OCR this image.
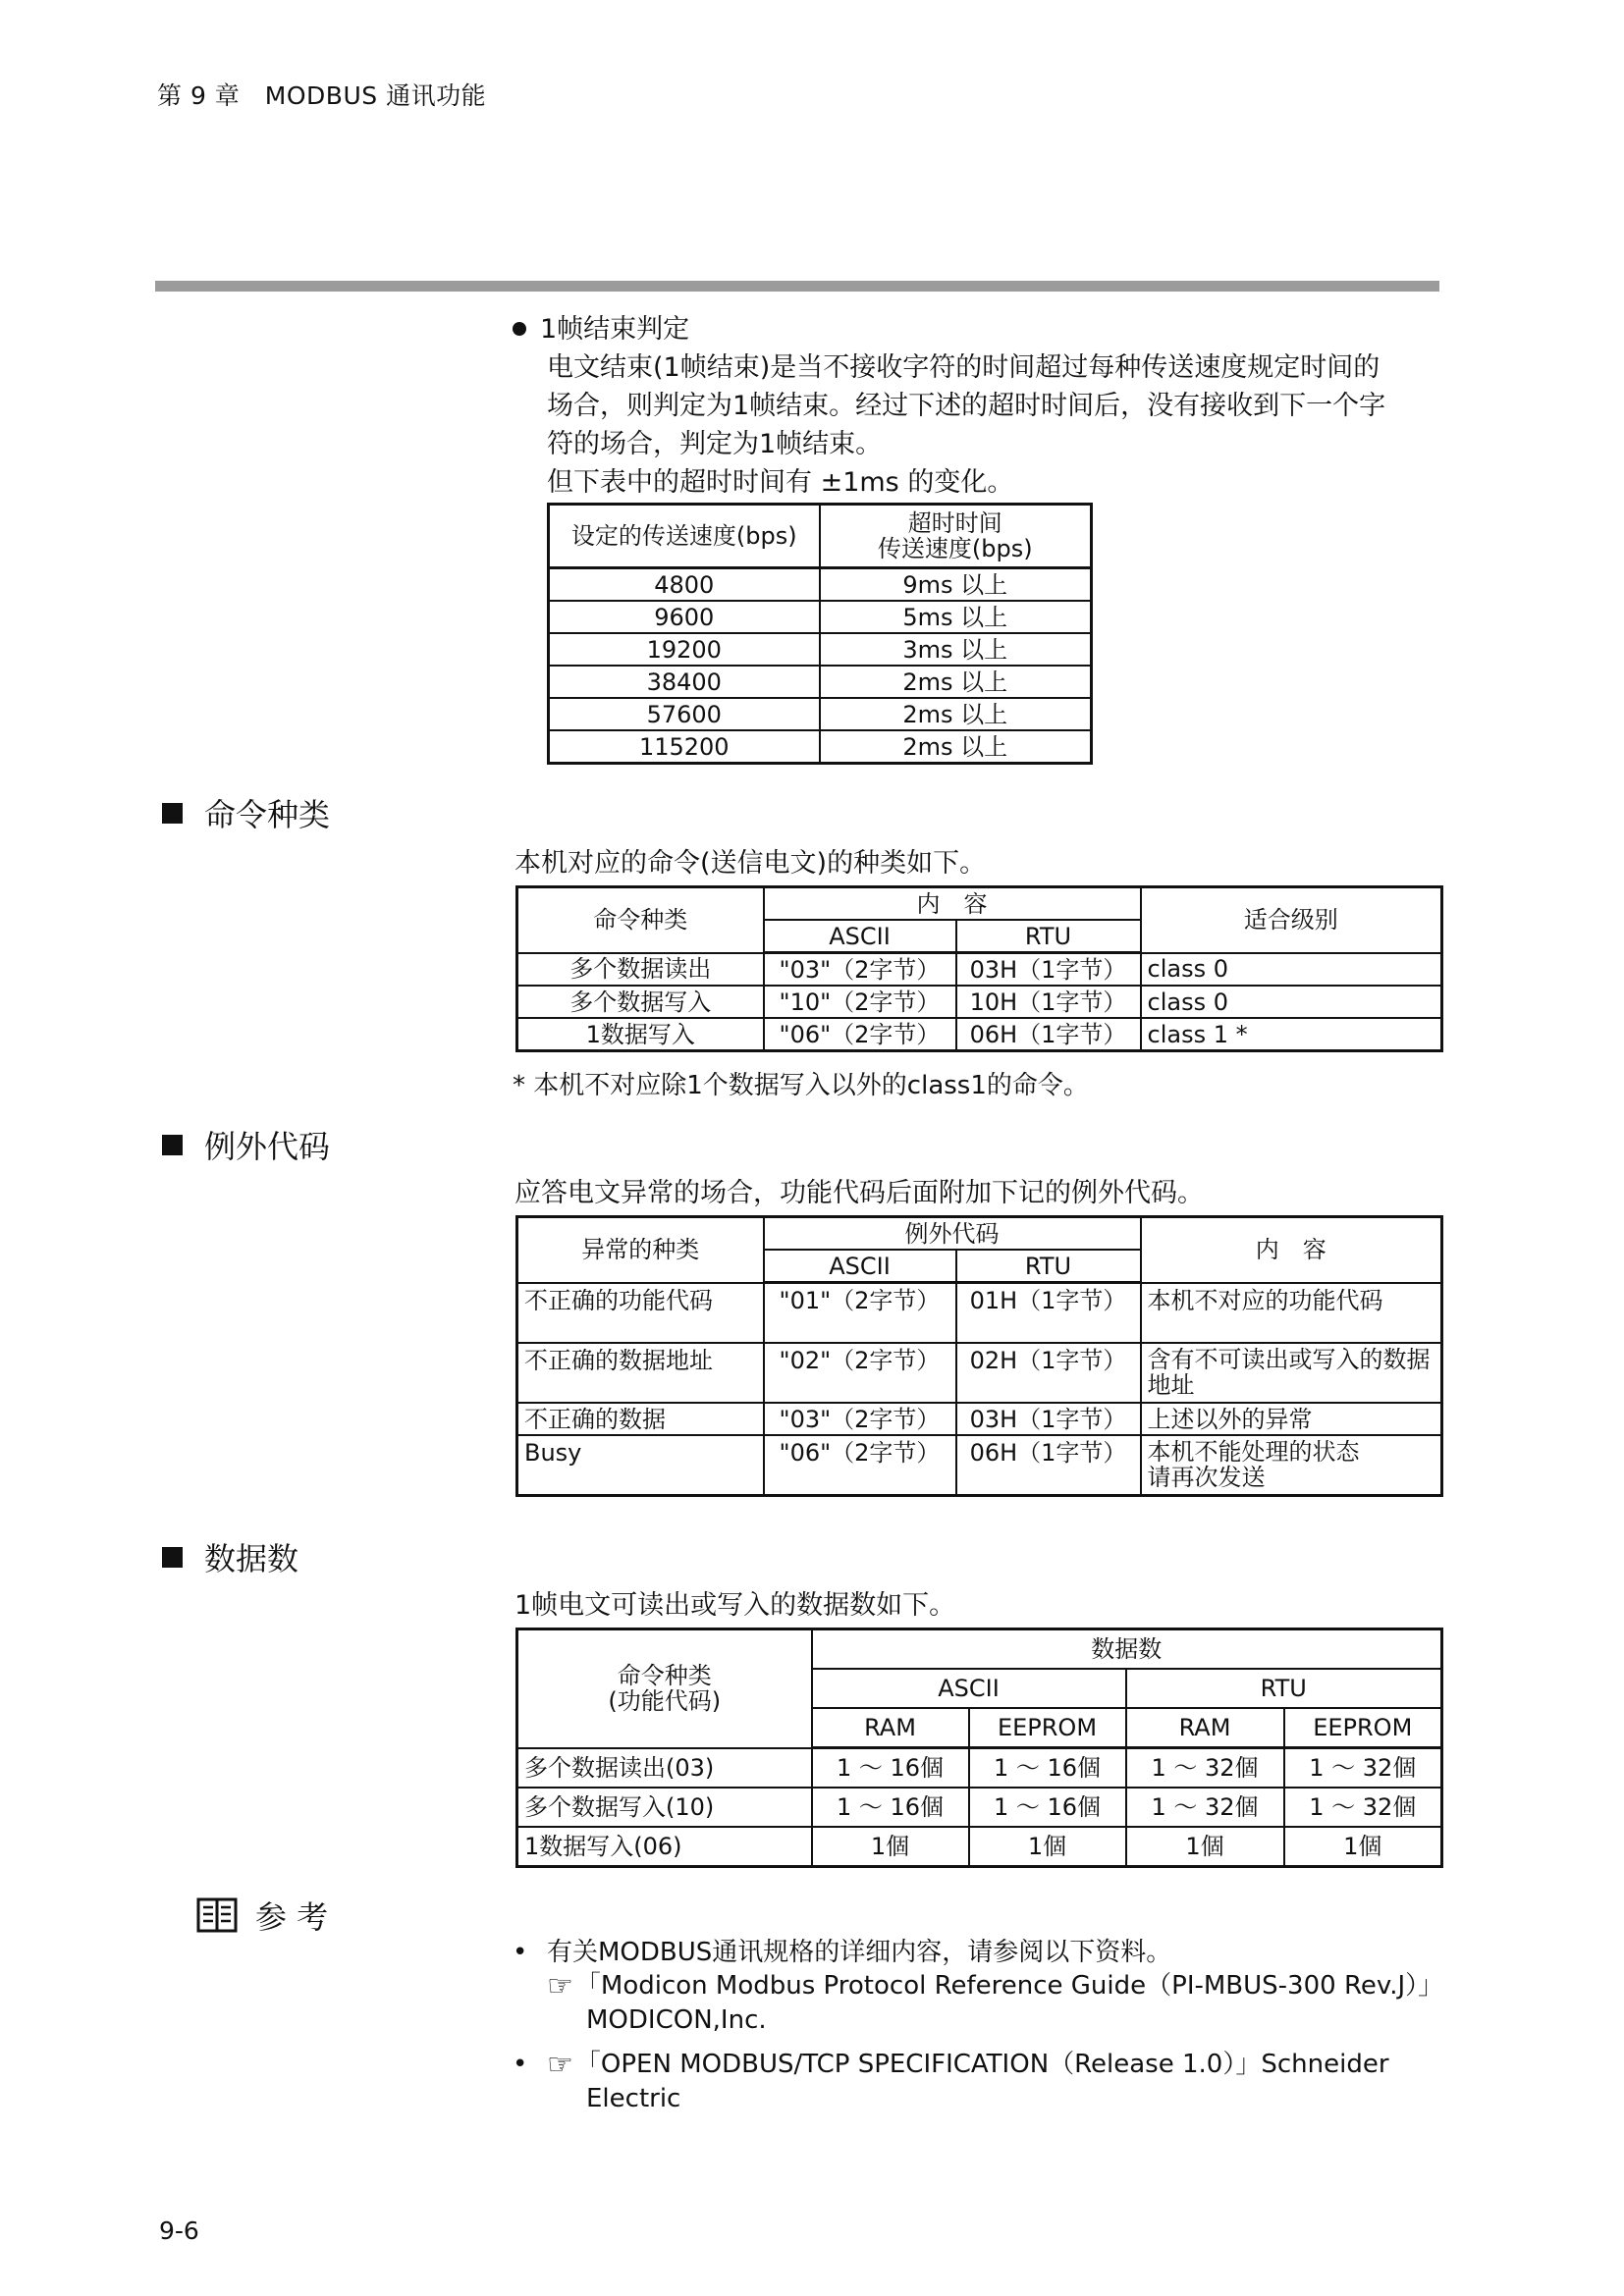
第 9 章　MODBUS 通讯功能
1帧结束判定

电文结束(1帧结束)是当不接收字符的时间超过每种传送速度规定时间的

场合，则判定为1帧结束。经过下述的超时时间后，没有接收到下一个字

符的场合，判定为1帧结束。

但下表中的超时时间有 ±1ms 的变化。

设定的传送速度(bps)	超时时间
传送速度(bps)

4800	9ms 以上
9600	5ms 以上
19200	3ms 以上
38400	2ms 以上
57600	2ms 以上
115200	2ms 以上
命令种类
本机对应的命令(送信电文)的种类如下。
命令种类	内　容		适合级别
	ASCII	RTU	
多个数据读出	"03"（2字节）	03H（1字节）	class 0
多个数据写入	"10"（2字节）	10H（1字节）	class 0
1数据写入	"06"（2字节）	06H（1字节）	class 1 *
* 本机不对应除1个数据写入以外的class1的命令。
例外代码
应答电文异常的场合，功能代码后面附加下记的例外代码。
异常的种类	例外代码		内　容
	ASCII	RTU	
不正确的功能代码	"01"（2字节）	01H（1字节）	本机不对应的功能代码
不正确的数据地址	"02"（2字节）	02H（1字节）	含有不可读出或写入的数据地址
不正确的数据	"03"（2字节）	03H（1字节）	上述以外的异常
Busy	"06"（2字节）	06H（1字节）	本机不能处理的状态
请再次发送
数据数
1帧电文可读出或写入的数据数如下。
命令种类
(功能代码)	数据数			
	ASCII		RTU	
	RAM	EEPROM	RAM	EEPROM
多个数据读出(03)	1 ～ 16個	1 ～ 16個	1 ～ 32個	1 ～ 32個
多个数据写入(10)	1 ～ 16個	1 ～ 16個	1 ～ 32個	1 ～ 32個
1数据写入(06)	1個	1個	1個	1個
参 考
• 有关MODBUS通讯规格的详细内容，请参阅以下资料。
☞「Modicon Modbus Protocol Reference Guide（PI-MBUS-300 Rev.J）」
MODICON,Inc.
• ☞「OPEN MODBUS/TCP SPECIFICATION（Release 1.0）」Schneider
Electric
9-6
